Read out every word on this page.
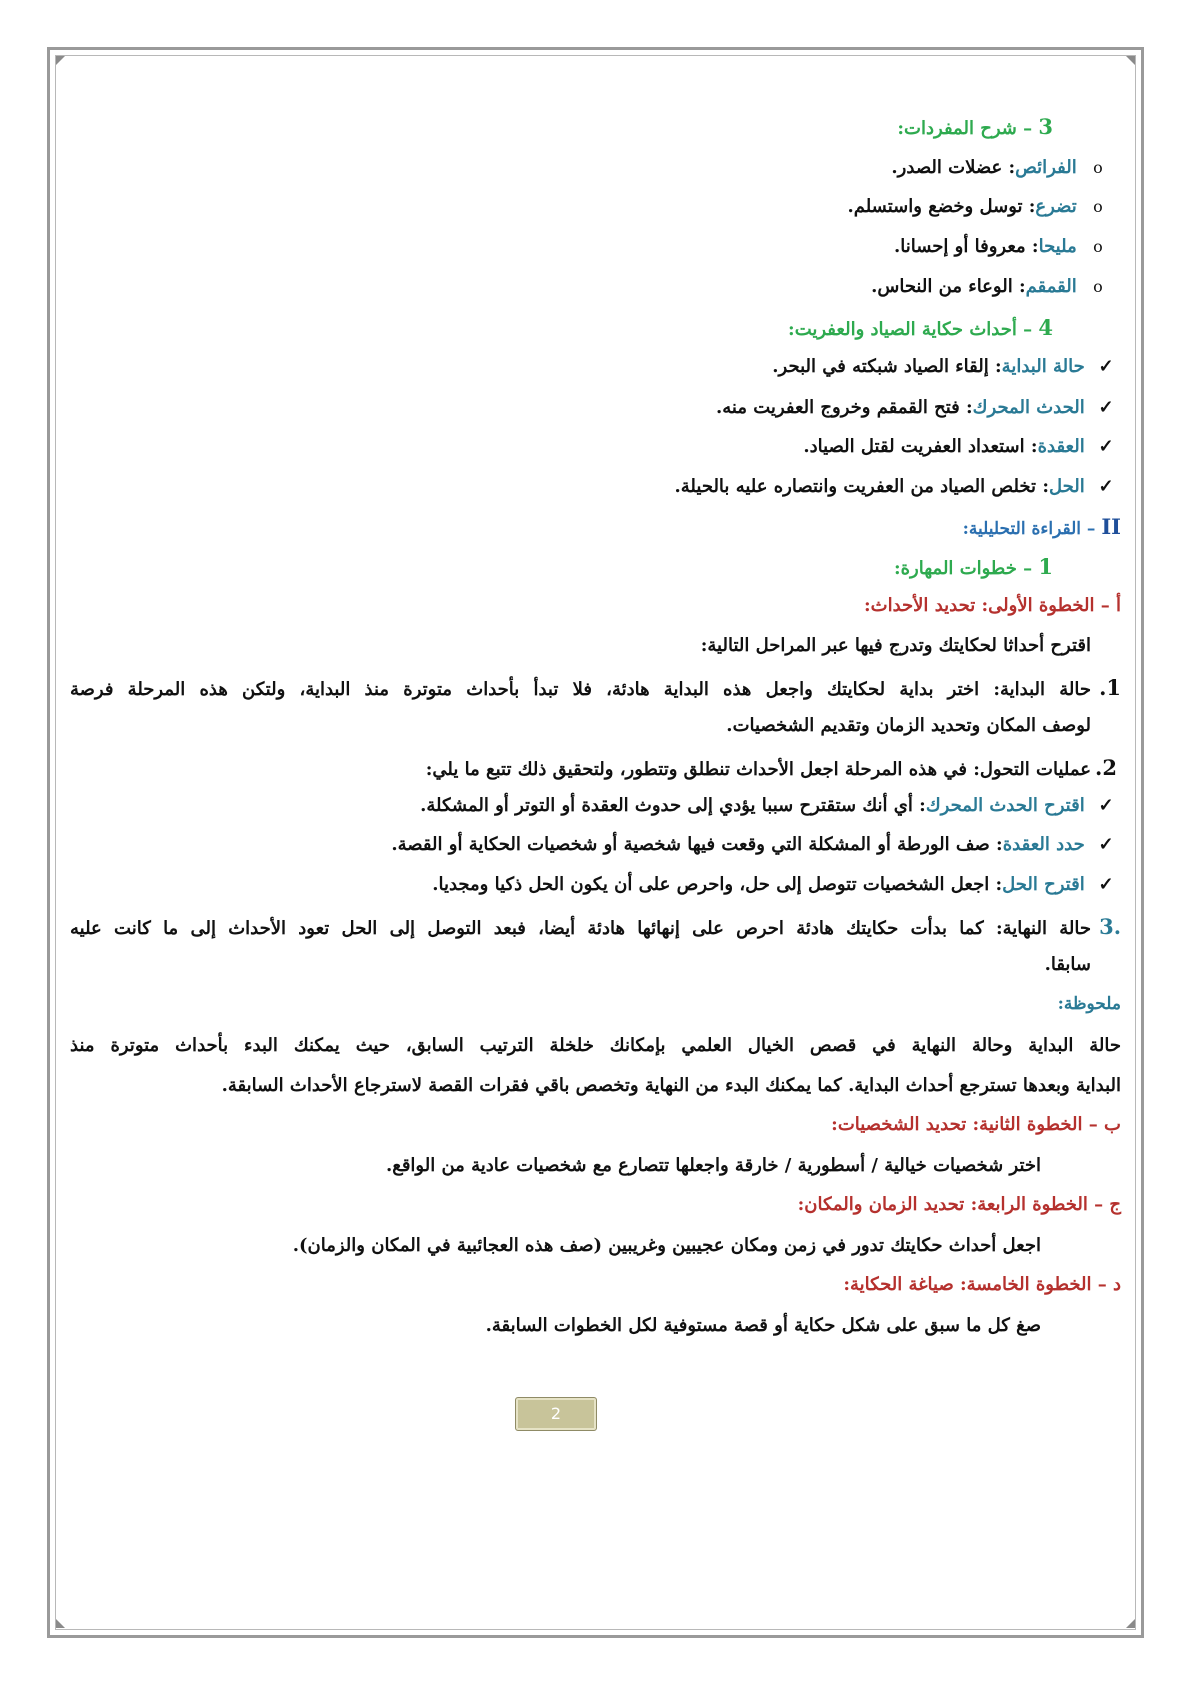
3 – شرح المفردات:
o الفرائص: عضلات الصدر.
o تضرع: توسل وخضع واستسلم.
o مليحا: معروفا أو إحسانا.
o القمقم: الوعاء من النحاس.
4 – أحداث حكاية الصياد والعفريت:
✓ حالة البداية: إلقاء الصياد شبكته في البحر.
✓ الحدث المحرك: فتح القمقم وخروج العفريت منه.
✓ العقدة: استعداد العفريت لقتل الصياد.
✓ الحل: تخلص الصياد من العفريت وانتصاره عليه بالحيلة.
II – القراءة التحليلية:
1 – خطوات المهارة:
أ – الخطوة الأولى: تحديد الأحداث:
اقترح أحداثا لحكايتك وتدرج فيها عبر المراحل التالية:
1.حالة البداية: اختر بداية لحكايتك واجعل هذه البداية هادئة، فلا تبدأ بأحداث متوترة منذ البداية، ولتكن هذه المرحلة فرصة
لوصف المكان وتحديد الزمان وتقديم الشخصيات.
2.عمليات التحول: في هذه المرحلة اجعل الأحداث تنطلق وتتطور، ولتحقيق ذلك تتبع ما يلي:
✓ اقترح الحدث المحرك: أي أنك ستقترح سببا يؤدي إلى حدوث العقدة أو التوتر أو المشكلة.
✓ حدد العقدة: صف الورطة أو المشكلة التي وقعت فيها شخصية أو شخصيات الحكاية أو القصة.
✓ اقترح الحل: اجعل الشخصيات تتوصل إلى حل، واحرص على أن يكون الحل ذكيا ومجديا.
.3حالة النهاية: كما بدأت حكايتك هادئة احرص على إنهائها هادئة أيضا، فبعد التوصل إلى الحل تعود الأحداث إلى ما كانت عليه
سابقا.
ملحوظة:
حالة البداية وحالة النهاية في قصص الخيال العلمي بإمكانك خلخلة الترتيب السابق، حيث يمكنك البدء بأحداث متوترة منذ
البداية وبعدها تسترجع أحداث البداية. كما يمكنك البدء من النهاية وتخصص باقي فقرات القصة لاسترجاع الأحداث السابقة.
ب – الخطوة الثانية: تحديد الشخصيات:
اختر شخصيات خيالية / أسطورية / خارقة واجعلها تتصارع مع شخصيات عادية من الواقع.
ج – الخطوة الرابعة: تحديد الزمان والمكان:
اجعل أحداث حكايتك تدور في زمن ومكان عجيبين وغريبين (صف هذه العجائبية في المكان والزمان).
د – الخطوة الخامسة: صياغة الحكاية:
صغ كل ما سبق على شكل حكاية أو قصة مستوفية لكل الخطوات السابقة.
2
